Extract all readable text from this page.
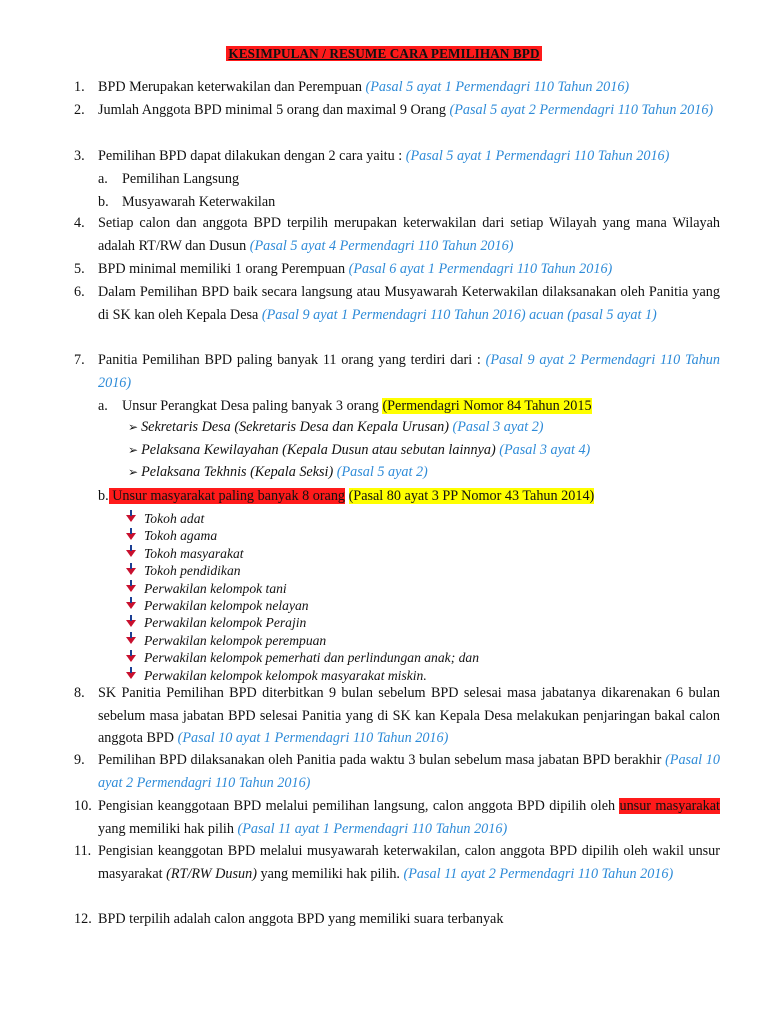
KESIMPULAN / RESUME CARA PEMILIHAN BPD
1. BPD Merupakan keterwakilan dan Perempuan (Pasal 5 ayat 1 Permendagri 110 Tahun 2016)
2. Jumlah Anggota BPD minimal 5 orang dan maximal 9 Orang (Pasal 5 ayat 2 Permendagri 110 Tahun 2016)
3. Pemilihan BPD dapat dilakukan dengan 2 cara yaitu : (Pasal 5 ayat 1 Permendagri 110 Tahun 2016)
a. Pemilihan Langsung
b. Musyawarah Keterwakilan
4. Setiap calon dan anggota BPD terpilih merupakan keterwakilan dari setiap Wilayah yang mana Wilayah adalah RT/RW dan Dusun (Pasal 5 ayat 4 Permendagri 110 Tahun 2016)
5. BPD minimal memiliki 1 orang Perempuan (Pasal 6 ayat 1 Permendagri 110 Tahun 2016)
6. Dalam Pemilihan BPD baik secara langsung atau Musyawarah Keterwakilan dilaksanakan oleh Panitia yang di SK kan oleh Kepala Desa (Pasal 9 ayat 1 Permendagri 110 Tahun 2016) acuan (pasal 5 ayat 1)
7. Panitia Pemilihan BPD paling banyak 11 orang yang terdiri dari : (Pasal 9 ayat 2 Permendagri 110 Tahun 2016)
a. Unsur Perangkat Desa paling banyak 3 orang (Permendagri Nomor 84 Tahun 2015
➢ Sekretaris Desa (Sekretaris Desa dan Kepala Urusan) (Pasal 3 ayat 2)
➢ Pelaksana Kewilayahan (Kepala Dusun atau sebutan lainnya) (Pasal 3 ayat 4)
➢ Pelaksana Tekhnis (Kepala Seksi) (Pasal 5 ayat 2)
b. Unsur masyarakat paling banyak 8 orang (Pasal 80 ayat 3 PP Nomor 43 Tahun 2014)
Tokoh adat
Tokoh agama
Tokoh masyarakat
Tokoh pendidikan
Perwakilan kelompok tani
Perwakilan kelompok nelayan
Perwakilan kelompok Perajin
Perwakilan kelompok perempuan
Perwakilan kelompok pemerhati dan perlindungan anak; dan
Perwakilan kelompok kelompok masyarakat miskin.
8. SK Panitia Pemilihan BPD diterbitkan 9 bulan sebelum BPD selesai masa jabatanya dikarenakan 6 bulan sebelum masa jabatan BPD selesai Panitia yang di SK kan Kepala Desa melakukan penjaringan bakal calon anggota BPD (Pasal 10 ayat 1 Permendagri 110 Tahun 2016)
9. Pemilihan BPD dilaksanakan oleh Panitia pada waktu 3 bulan sebelum masa jabatan BPD berakhir (Pasal 10 ayat 2 Permendagri 110 Tahun 2016)
10. Pengisian keanggotaan BPD melalui pemilihan langsung, calon anggota BPD dipilih oleh unsur masyarakat yang memiliki hak pilih (Pasal 11 ayat 1 Permendagri 110 Tahun 2016)
11. Pengisian keanggotan BPD melalui musyawarah keterwakilan, calon anggota BPD dipilih oleh wakil unsur masyarakat (RT/RW Dusun) yang memiliki hak pilih. (Pasal 11 ayat 2 Permendagri 110 Tahun 2016)
12. BPD terpilih adalah calon anggota BPD yang memiliki suara terbanyak
